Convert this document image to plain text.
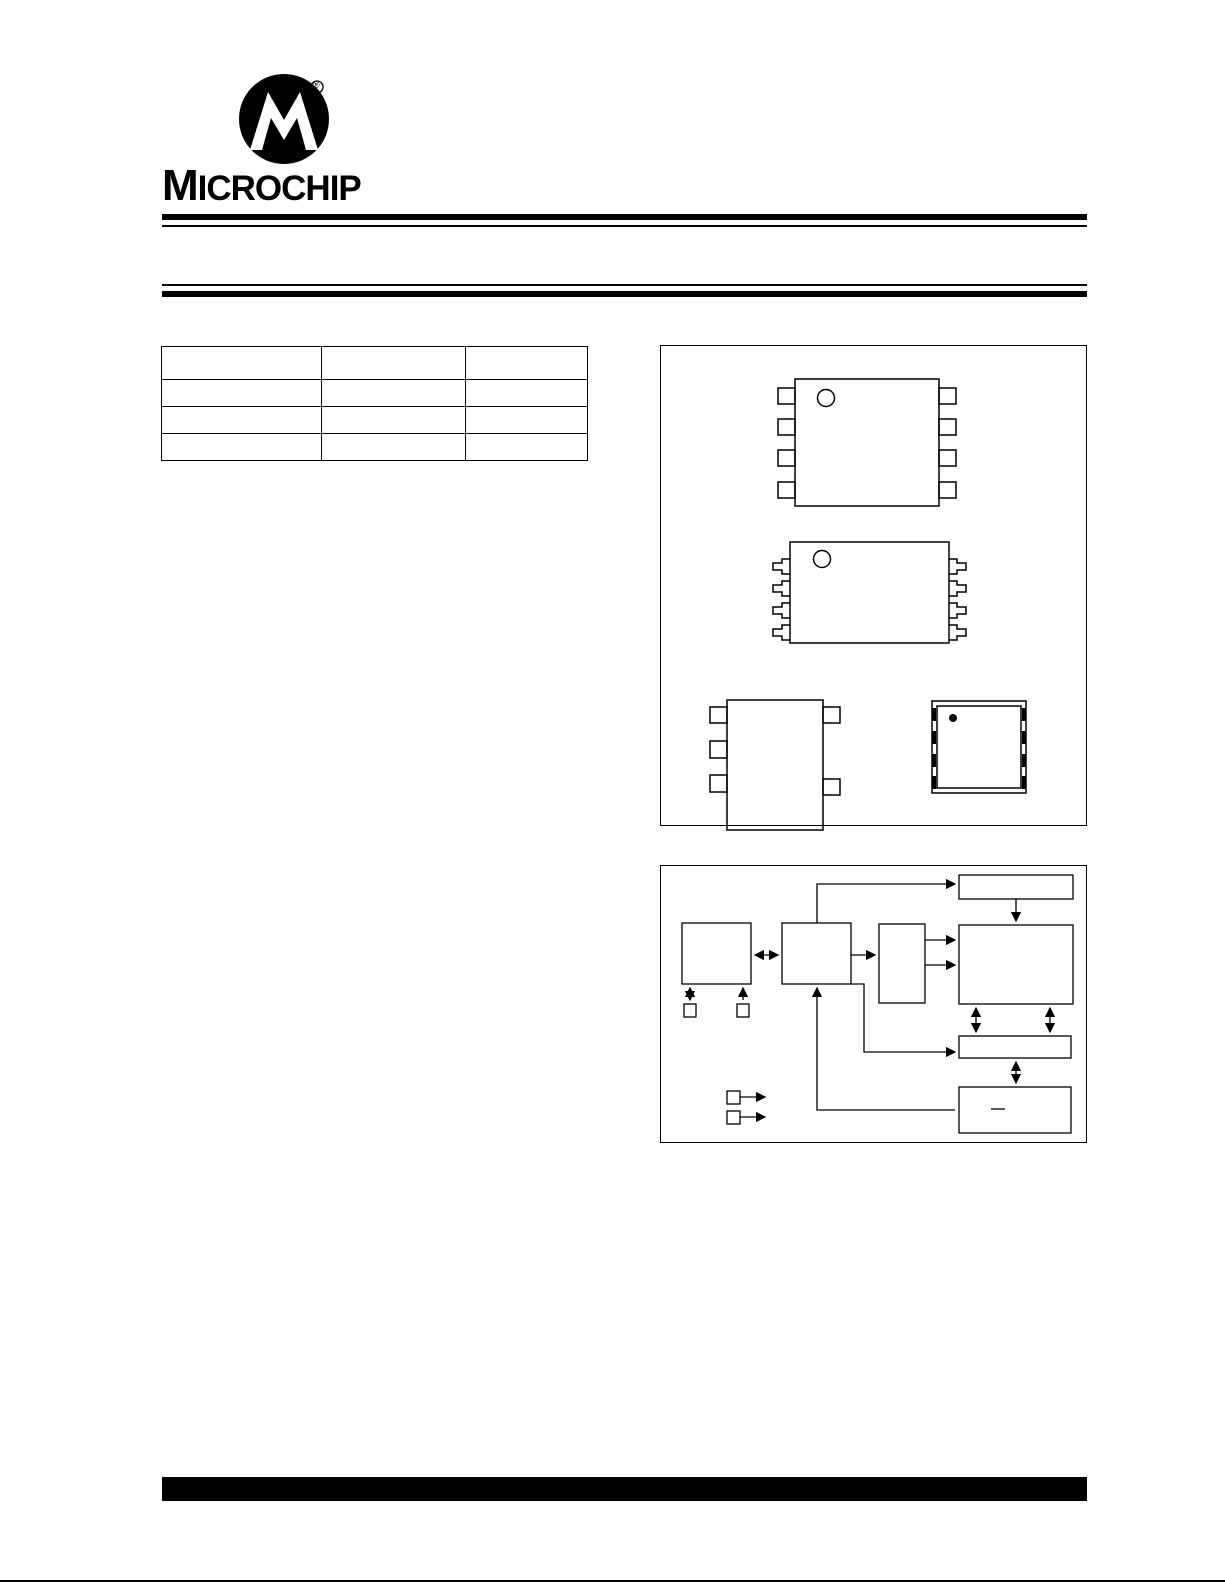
MICROCHIP
®
